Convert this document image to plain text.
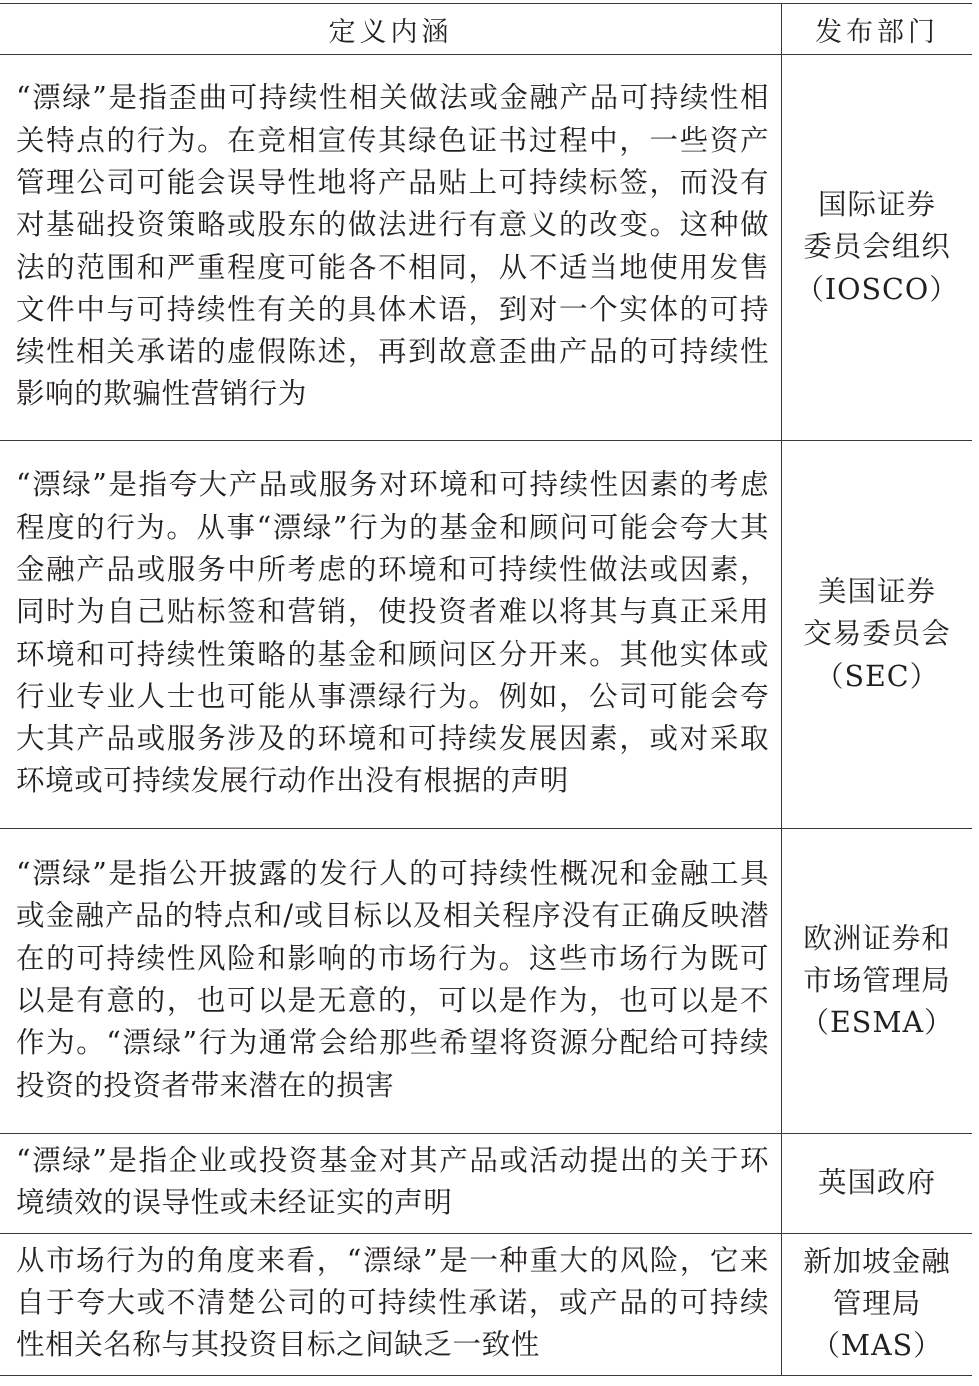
定义内涵	发布部门

“漂绿”是指歪曲可持续性相关做法或金融产品可持续性相关特点的行为。在竞相宣传其绿色证书过程中，一些资产管理公司可能会误导性地将产品贴上可持续标签，而没有对基础投资策略或股东的做法进行有意义的改变。这种做法的范围和严重程度可能各不相同，从不适当地使用发售文件中与可持续性有关的具体术语，到对一个实体的可持续性相关承诺的虚假陈述，再到故意歪曲产品的可持续性影响的欺骗性营销行为	国际证券
委员会组织
（IOSCO）

“漂绿”是指夸大产品或服务对环境和可持续性因素的考虑程度的行为。从事“漂绿”行为的基金和顾问可能会夸大其金融产品或服务中所考虑的环境和可持续性做法或因素，同时为自己贴标签和营销，使投资者难以将其与真正采用环境和可持续性策略的基金和顾问区分开来。其他实体或行业专业人士也可能从事漂绿行为。例如，公司可能会夸大其产品或服务涉及的环境和可持续发展因素，或对采取环境或可持续发展行动作出没有根据的声明	美国证券
交易委员会
（SEC）

“漂绿”是指公开披露的发行人的可持续性概况和金融工具或金融产品的特点和/或目标以及相关程序没有正确反映潜在的可持续性风险和影响的市场行为。这些市场行为既可以是有意的，也可以是无意的，可以是作为，也可以是不作为。“漂绿”行为通常会给那些希望将资源分配给可持续投资的投资者带来潜在的损害	欧洲证券和
市场管理局
（ESMA）

“漂绿”是指企业或投资基金对其产品或活动提出的关于环境绩效的误导性或未经证实的声明	英国政府

从市场行为的角度来看，“漂绿”是一种重大的风险，它来自于夸大或不清楚公司的可持续性承诺，或产品的可持续性相关名称与其投资目标之间缺乏一致性	新加坡金融
管理局
（MAS）
